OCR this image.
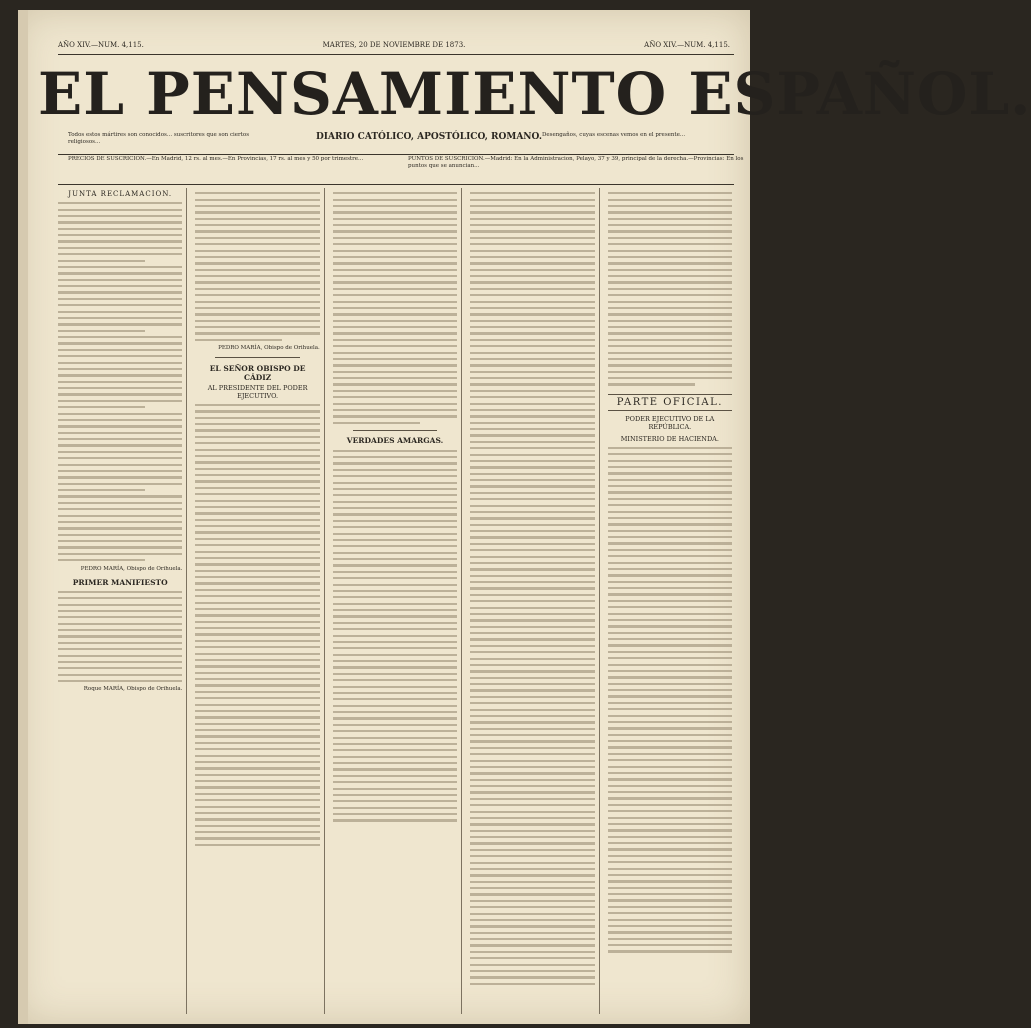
AÑO XIV.—NUM. 4,115.	MARTES, 20 DE NOVIEMBRE DE 1873.	AÑO XIV.—NUM. 4,115.
EL PENSAMIENTO ESPAÑOL.
Todos estos mártires son conocidos... suscritores que son ciertos religiosos...	DIARIO CATÓLICO, APOSTÓLICO, ROMANO. Desengaños, cuyas escenas vemos en el presente...
PRECIOS DE SUSCRICION.—En Madrid, 12 rs. al mes.—En Provincias, 17 rs. al mes y 50 por trimestre...	PUNTOS DE SUSCRICION.—Madrid: En la Administracion, Pelayo, 37 y 39, principal de la derecha.—Provincias: En los puntos que se anuncian...
JUNTA RECLAMACION.
PEDRO MARÍA, Obispo de Orihuela.
PRIMER MANIFIESTO
Roque MARÍA, Obispo de Orihuela.
PEDRO MARÍA, Obispo de Orihuela.
EL SEÑOR OBISPO DE CÁDIZ
AL PRESIDENTE DEL PODER EJECUTIVO.
VERDADES AMARGAS.
PARTE OFICIAL.
PODER EJECUTIVO DE LA REPÚBLICA.
MINISTERIO DE HACIENDA.
